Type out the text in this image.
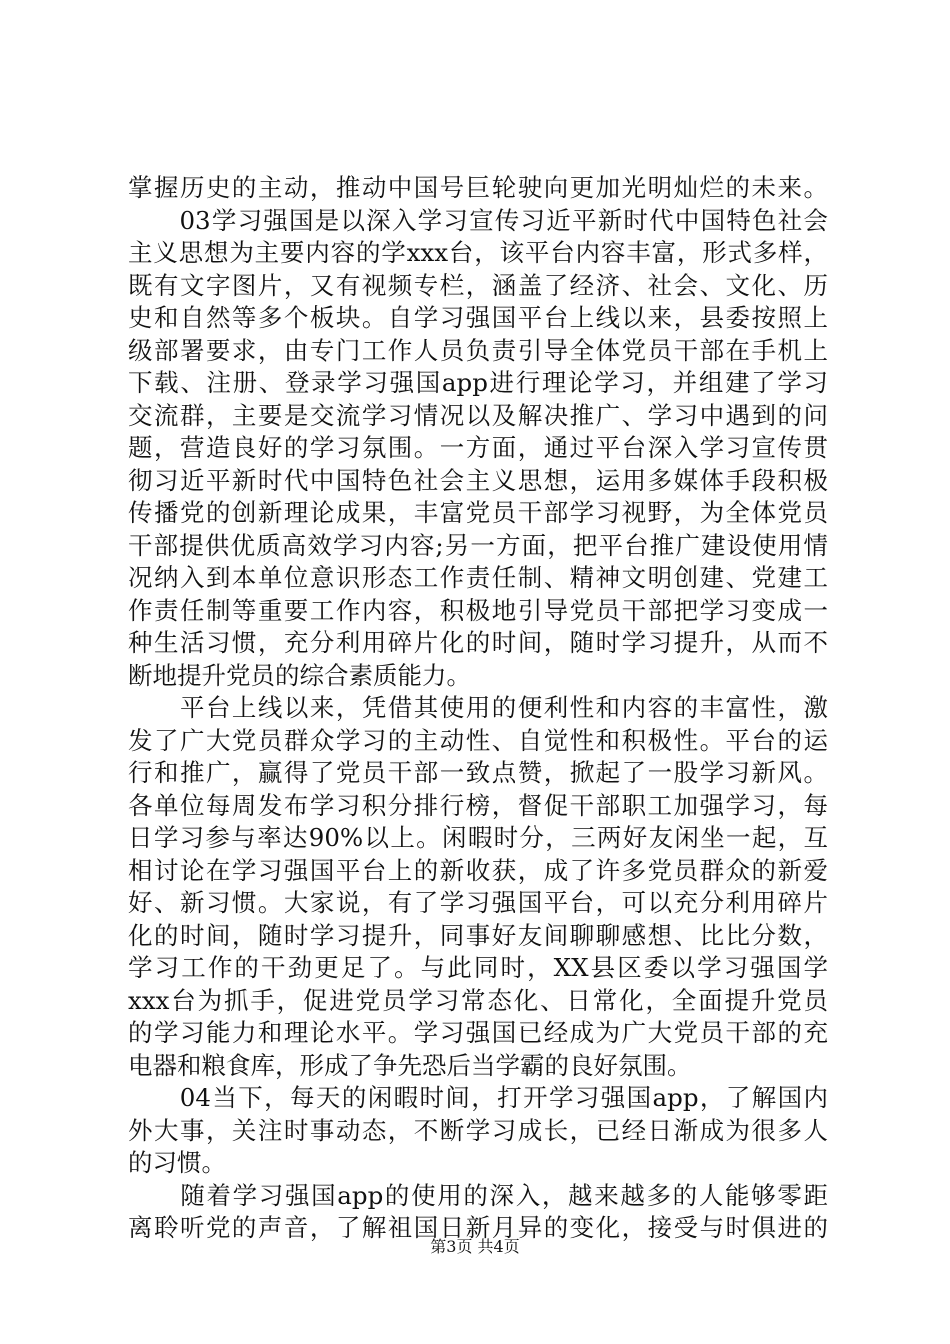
掌握历史的主动，推动中国号巨轮驶向更加光明灿烂的未来。
　　03学习强国是以深入学习宣传习近平新时代中国特色社会
主义思想为主要内容的学xxx台，该平台内容丰富，形式多样，
既有文字图片，又有视频专栏，涵盖了经济、社会、文化、历
史和自然等多个板块。自学习强国平台上线以来，县委按照上
级部署要求，由专门工作人员负责引导全体党员干部在手机上
下载、注册、登录学习强国app进行理论学习，并组建了学习
交流群，主要是交流学习情况以及解决推广、学习中遇到的问
题，营造良好的学习氛围。一方面，通过平台深入学习宣传贯
彻习近平新时代中国特色社会主义思想，运用多媒体手段积极
传播党的创新理论成果，丰富党员干部学习视野，为全体党员
干部提供优质高效学习内容;另一方面，把平台推广建设使用情
况纳入到本单位意识形态工作责任制、精神文明创建、党建工
作责任制等重要工作内容，积极地引导党员干部把学习变成一
种生活习惯，充分利用碎片化的时间，随时学习提升，从而不
断地提升党员的综合素质能力。
　　平台上线以来，凭借其使用的便利性和内容的丰富性，激
发了广大党员群众学习的主动性、自觉性和积极性。平台的运
行和推广，赢得了党员干部一致点赞，掀起了一股学习新风。
各单位每周发布学习积分排行榜，督促干部职工加强学习，每
日学习参与率达90%以上。闲暇时分，三两好友闲坐一起，互
相讨论在学习强国平台上的新收获，成了许多党员群众的新爱
好、新习惯。大家说，有了学习强国平台，可以充分利用碎片
化的时间，随时学习提升，同事好友间聊聊感想、比比分数，
学习工作的干劲更足了。与此同时，XX县区委以学习强国学
xxx台为抓手，促进党员学习常态化、日常化，全面提升党员
的学习能力和理论水平。学习强国已经成为广大党员干部的充
电器和粮食库，形成了争先恐后当学霸的良好氛围。
　　04当下，每天的闲暇时间，打开学习强国app，了解国内
外大事，关注时事动态，不断学习成长，已经日渐成为很多人
的习惯。
　　随着学习强国app的使用的深入，越来越多的人能够零距
离聆听党的声音，了解祖国日新月异的变化，接受与时俱进的
第3页 共4页
